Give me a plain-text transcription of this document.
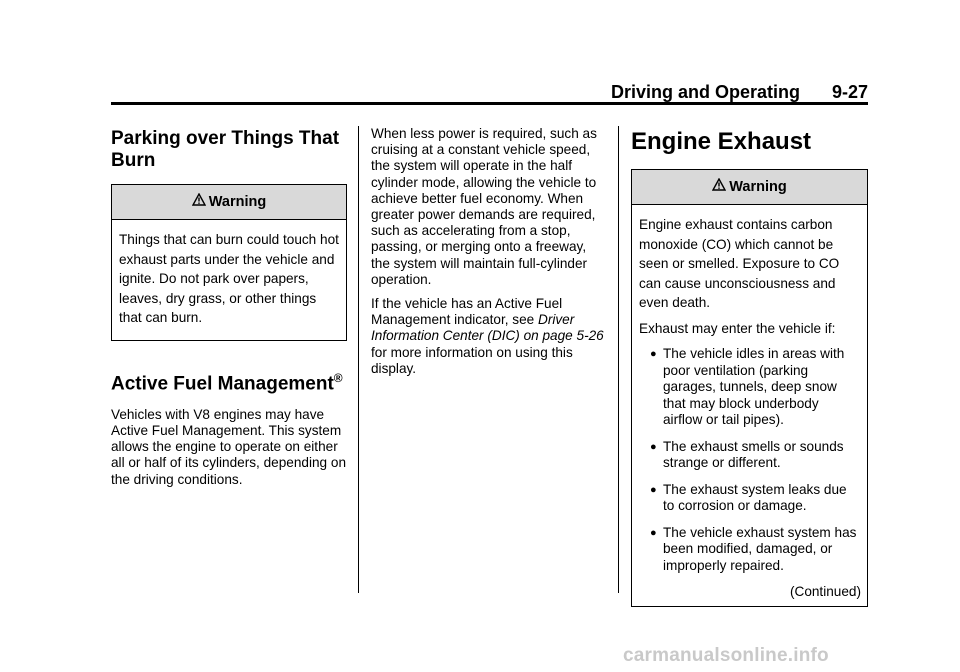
Driving and Operating 9-27
Parking over Things That Burn
Warning

Things that can burn could touch hot exhaust parts under the vehicle and ignite. Do not park over papers, leaves, dry grass, or other things that can burn.

Active Fuel Management®

Vehicles with V8 engines may have Active Fuel Management. This system allows the engine to operate on either all or half of its cylinders, depending on the driving conditions.

When less power is required, such as cruising at a constant vehicle speed, the system will operate in the half cylinder mode, allowing the vehicle to achieve better fuel economy. When greater power demands are required, such as accelerating from a stop, passing, or merging onto a freeway, the system will maintain full-cylinder operation.

If the vehicle has an Active Fuel Management indicator, see Driver Information Center (DIC) on page 5-26 for more information on using this display.

Engine Exhaust
Warning

Engine exhaust contains carbon monoxide (CO) which cannot be seen or smelled. Exposure to CO can cause unconsciousness and even death.

Exhaust may enter the vehicle if:

● The vehicle idles in areas with poor ventilation (parking garages, tunnels, deep snow that may block underbody airflow or tail pipes).
● The exhaust smells or sounds strange or different.
● The exhaust system leaks due to corrosion or damage.
● The vehicle exhaust system has been modified, damaged, or improperly repaired.
(Continued)
carmanualsonline.info
